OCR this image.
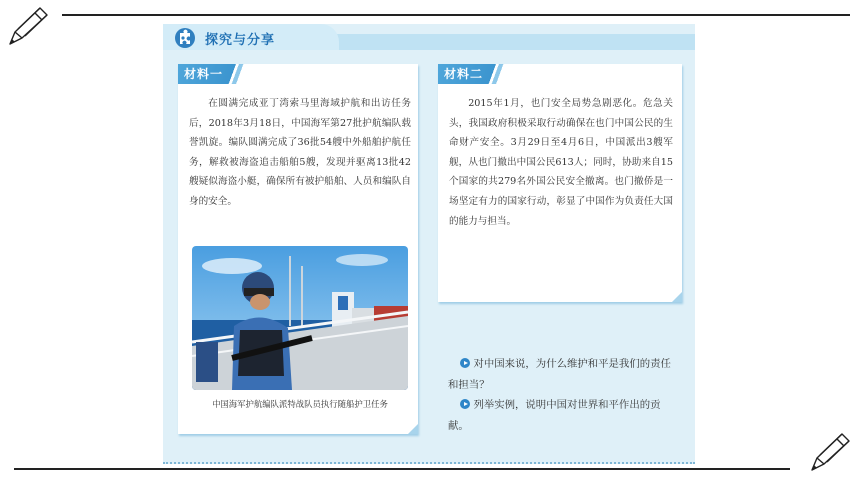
探究与分享
材料一
在圆满完成亚丁湾索马里海域护航和出访任务后，2018年3月18日，中国海军第27批护航编队载誉凯旋。编队圆满完成了36批54艘中外船舶护航任务，解救被海盗追击船舶5艘，发现并驱离13批42艘疑似海盗小艇，确保所有被护船舶、人员和编队自身的安全。
中国海军护航编队派特战队员执行随船护卫任务
材料二
2015年1月，也门安全局势急剧恶化。危急关头，我国政府积极采取行动确保在也门中国公民的生命财产安全。3月29日至4月6日，中国派出3艘军舰，从也门撤出中国公民613人；同时，协助来自15个国家的共279名外国公民安全撤离。也门撤侨是一场坚定有力的国家行动，彰显了中国作为负责任大国的能力与担当。

对中国来说，为什么维护和平是我们的责任和担当？

列举实例，说明中国对世界和平作出的贡献。
